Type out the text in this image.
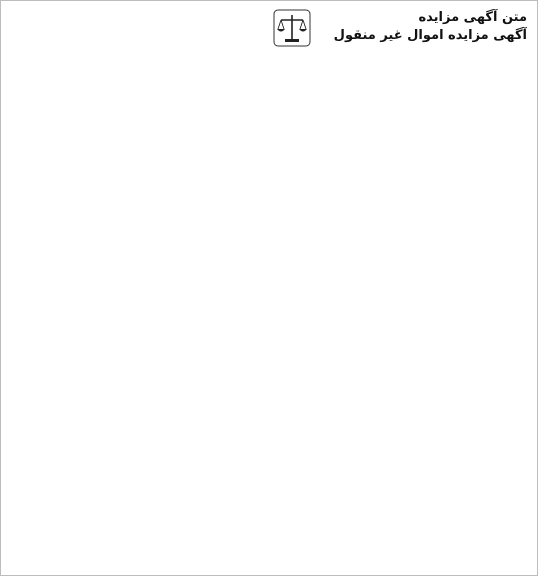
متن آگهی مزایده
آگهی مزایده اموال غیر منقول
